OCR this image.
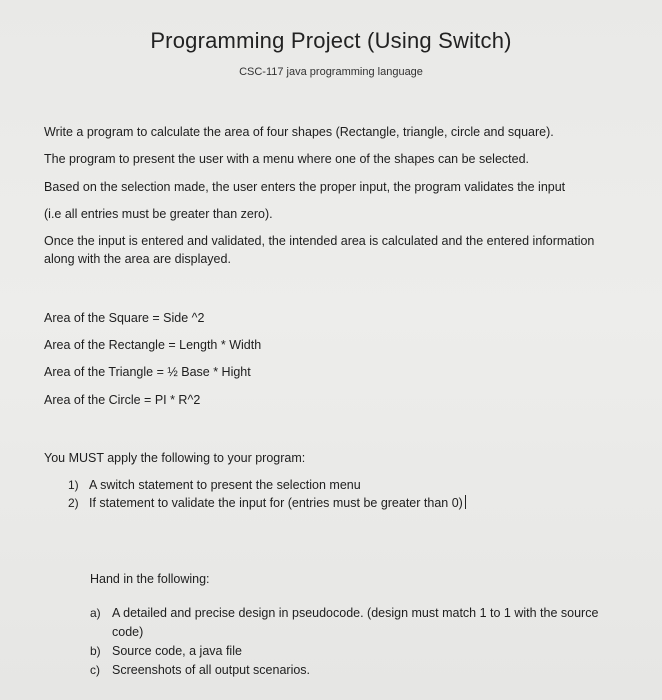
Programming Project (Using Switch)
CSC-117 java programming language
Write a program to calculate the area of four shapes (Rectangle, triangle, circle and square).
The program to present the user with a menu where one of the shapes can be selected.
Based on the selection made, the user enters the proper input, the program validates the input
(i.e all entries must be greater than zero).
Once the input is entered and validated, the intended area is calculated and the entered information
along with the area are displayed.
Area of the Square = Side ^2
Area of the Rectangle = Length * Width
Area of the Triangle = ½ Base * Hight
Area of the Circle = PI * R^2
You MUST apply the following to your program:
1) A switch statement to present the selection menu
2) If statement to validate the input for (entries must be greater than 0)
Hand in the following:
a) A detailed and precise design in pseudocode. (design must match 1 to 1 with the source
code)
b) Source code, a java file
c) Screenshots of all output scenarios.
